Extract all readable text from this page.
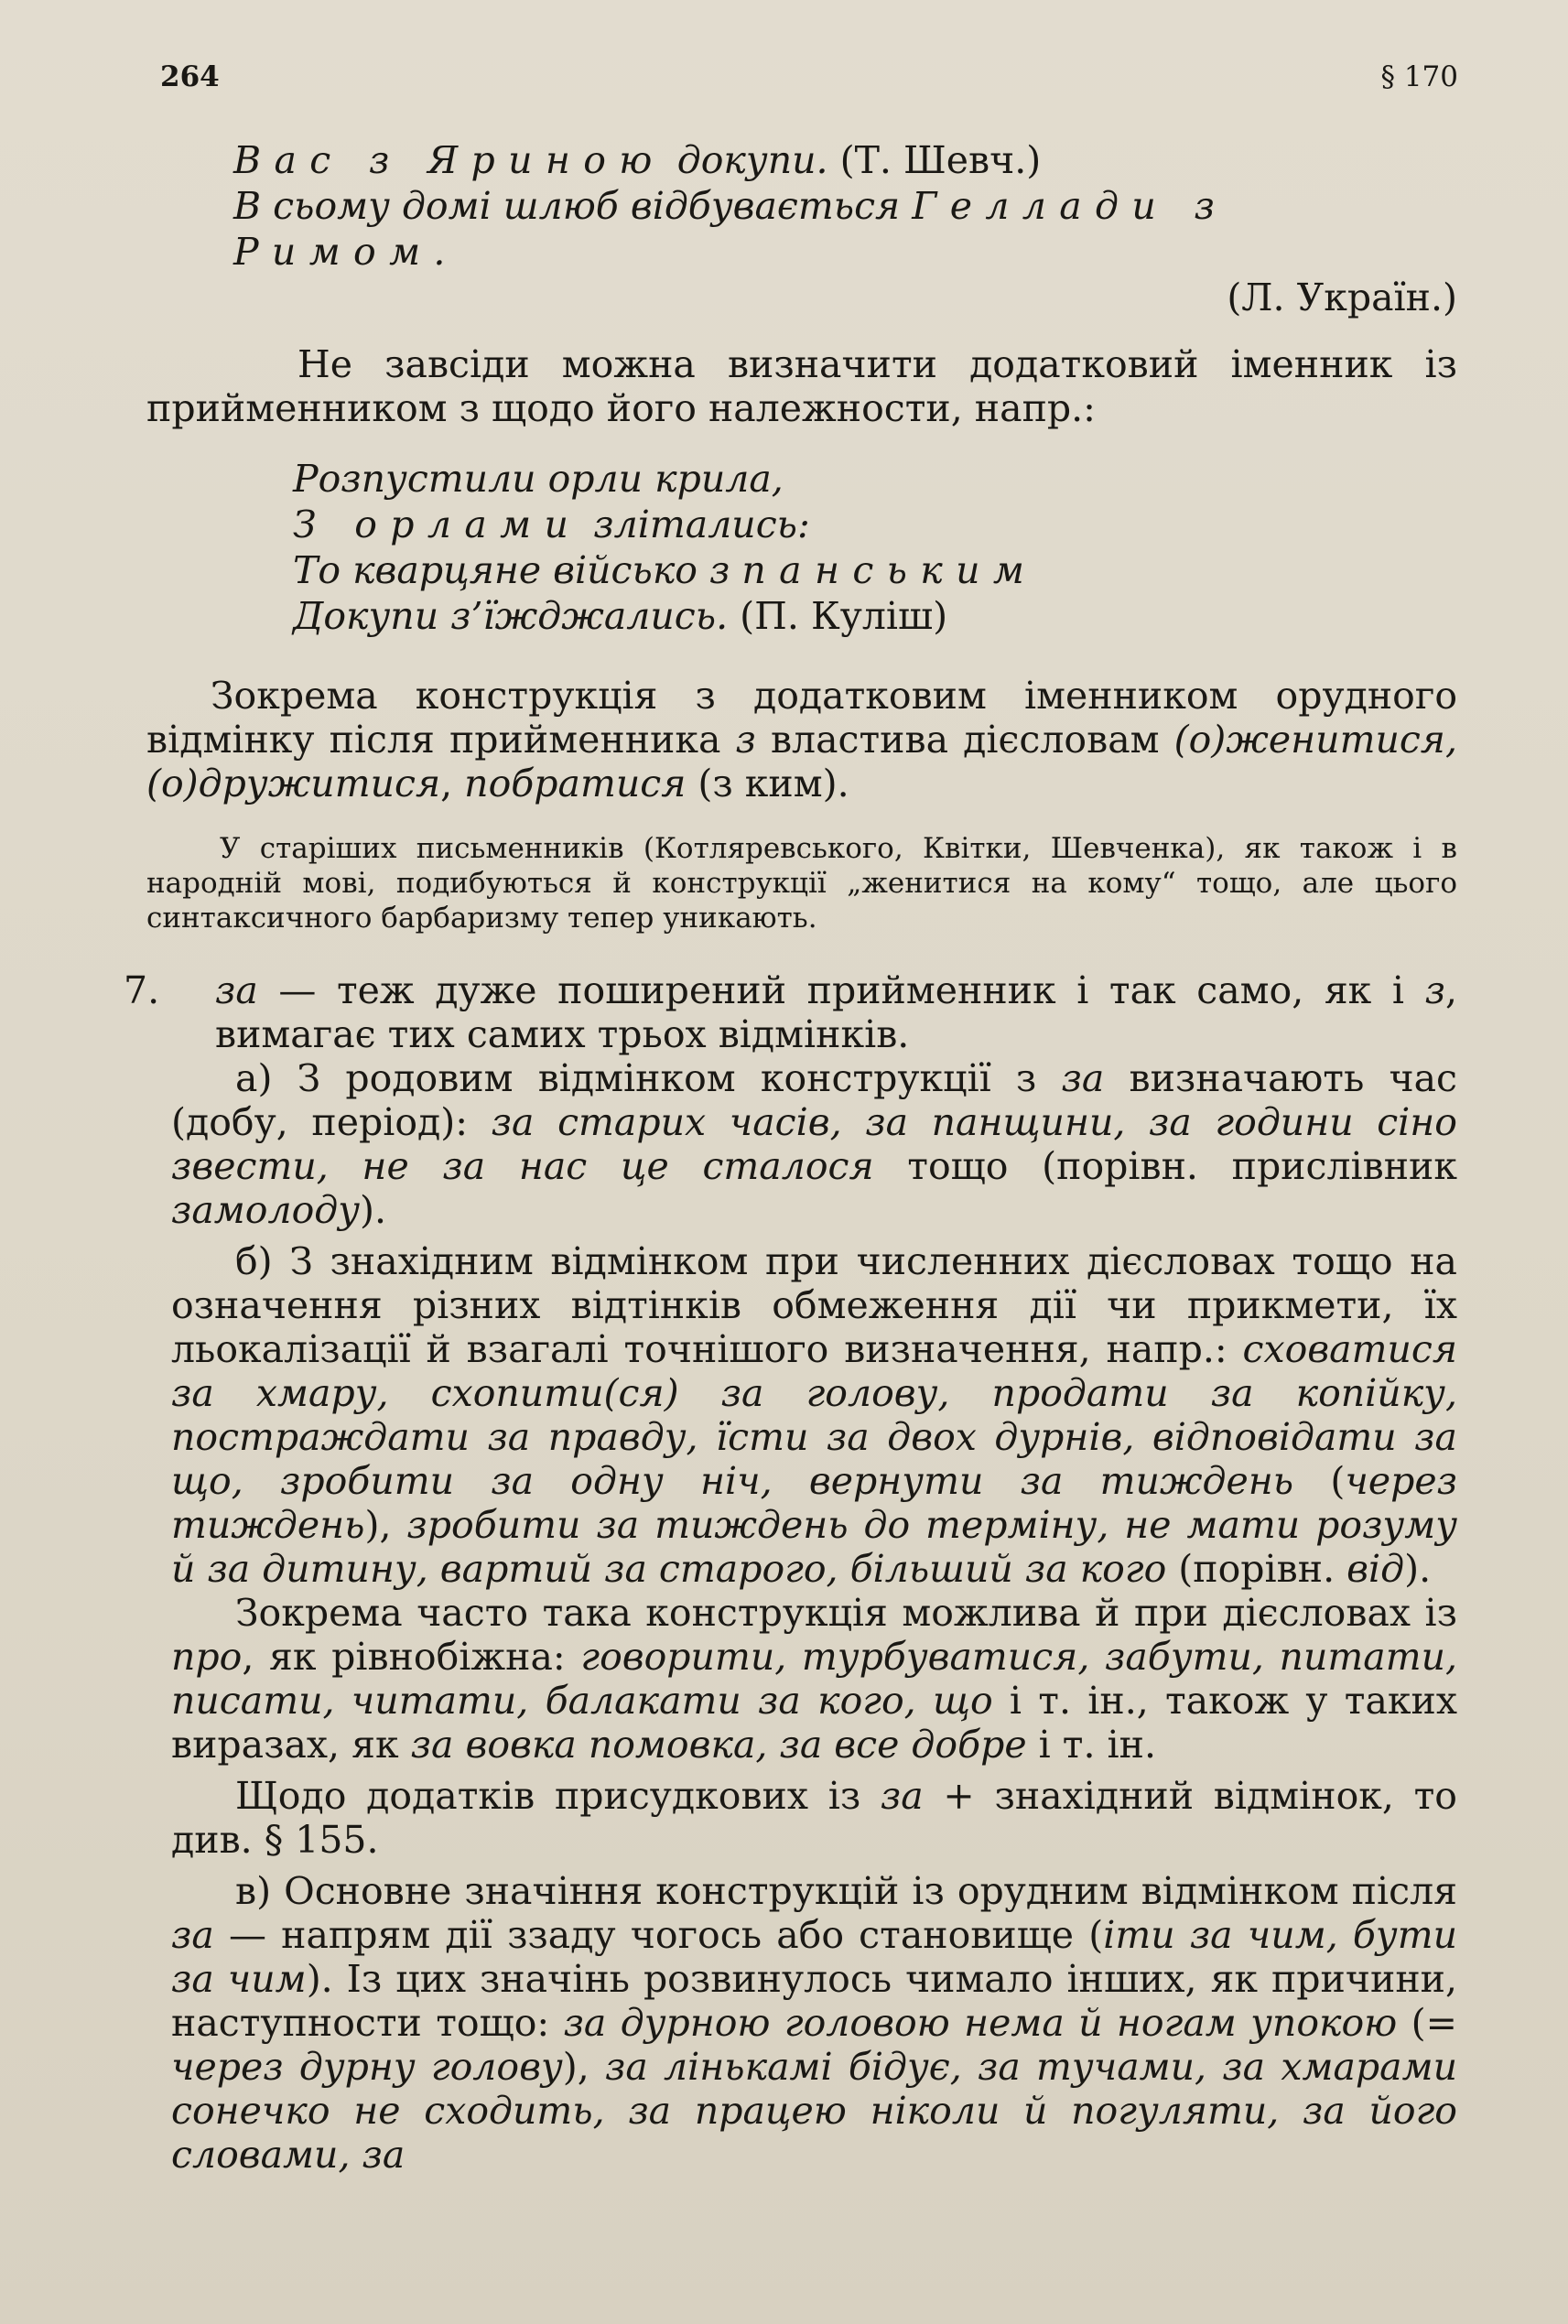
264	§ 170
Вас з Яриною докупи. (Т. Шевч.)
В сьому домі шлюб відбувається Геллади з Римом.
(Л. Україн.)

Не завсіди можна визначити додатковий іменник із прийменником з щодо його належности, напр.:

Розпустили орли крила,
З орлами злітались:
То кварцяне військо з панським
Докупи з’їжджались. (П. Куліш)

Зокрема конструкція з додатковим іменником орудного відмінку після прийменника з властива дієсловам (о)женитися, (о)дружитися, побратися (з ким).

У старіших письменників (Котляревського, Квітки, Шевченка), як також і в народній мові, подибуються й конструкції „женитися на кому“ тощо, але цього синтаксичного барбаризму тепер уникають.

7. за — теж дуже поширений прийменник і так само, як і з, вимагає тих самих трьох відмінків.

а) З родовим відмінком конструкції з за визначають час (добу, період): за старих часів, за панщини, за години сіно звести, не за нас це сталося тощо (порівн. прислівник замолоду).

б) З знахідним відмінком при численних дієсловах тощо на означення різних відтінків обмеження дії чи прикмети, їх льокалізації й взагалі точнішого визначення, напр.: сховатися за хмару, схопити(ся) за голову, продати за копійку, постраждати за правду, їсти за двох дурнів, відповідати за що, зробити за одну ніч, вернути за тиждень (через тиждень), зробити за тиждень до терміну, не мати розуму й за дитину, вартий за старого, більший за кого (порівн. від).

Зокрема часто така конструкція можлива й при дієсловах із про, як рівнобіжна: говорити, турбуватися, забути, питати, писати, читати, балакати за кого, що і т. ін., також у таких виразах, як за вовка помовка, за все добре і т. ін.

Щодо додатків присудкових із за + знахідний відмінок, то див. § 155.

в) Основне значіння конструкцій із орудним відмінком після за — напрям дії ззаду чогось або становище (іти за чим, бути за чим). Із цих значінь розвинулось чимало інших, як причини, наступности тощо: за дурною головою нема й ногам упокою (= через дурну голову), за лінькамі бідує, за тучами, за хмарами сонечко не сходить, за працею ніколи й погуляти, за його словами, за
